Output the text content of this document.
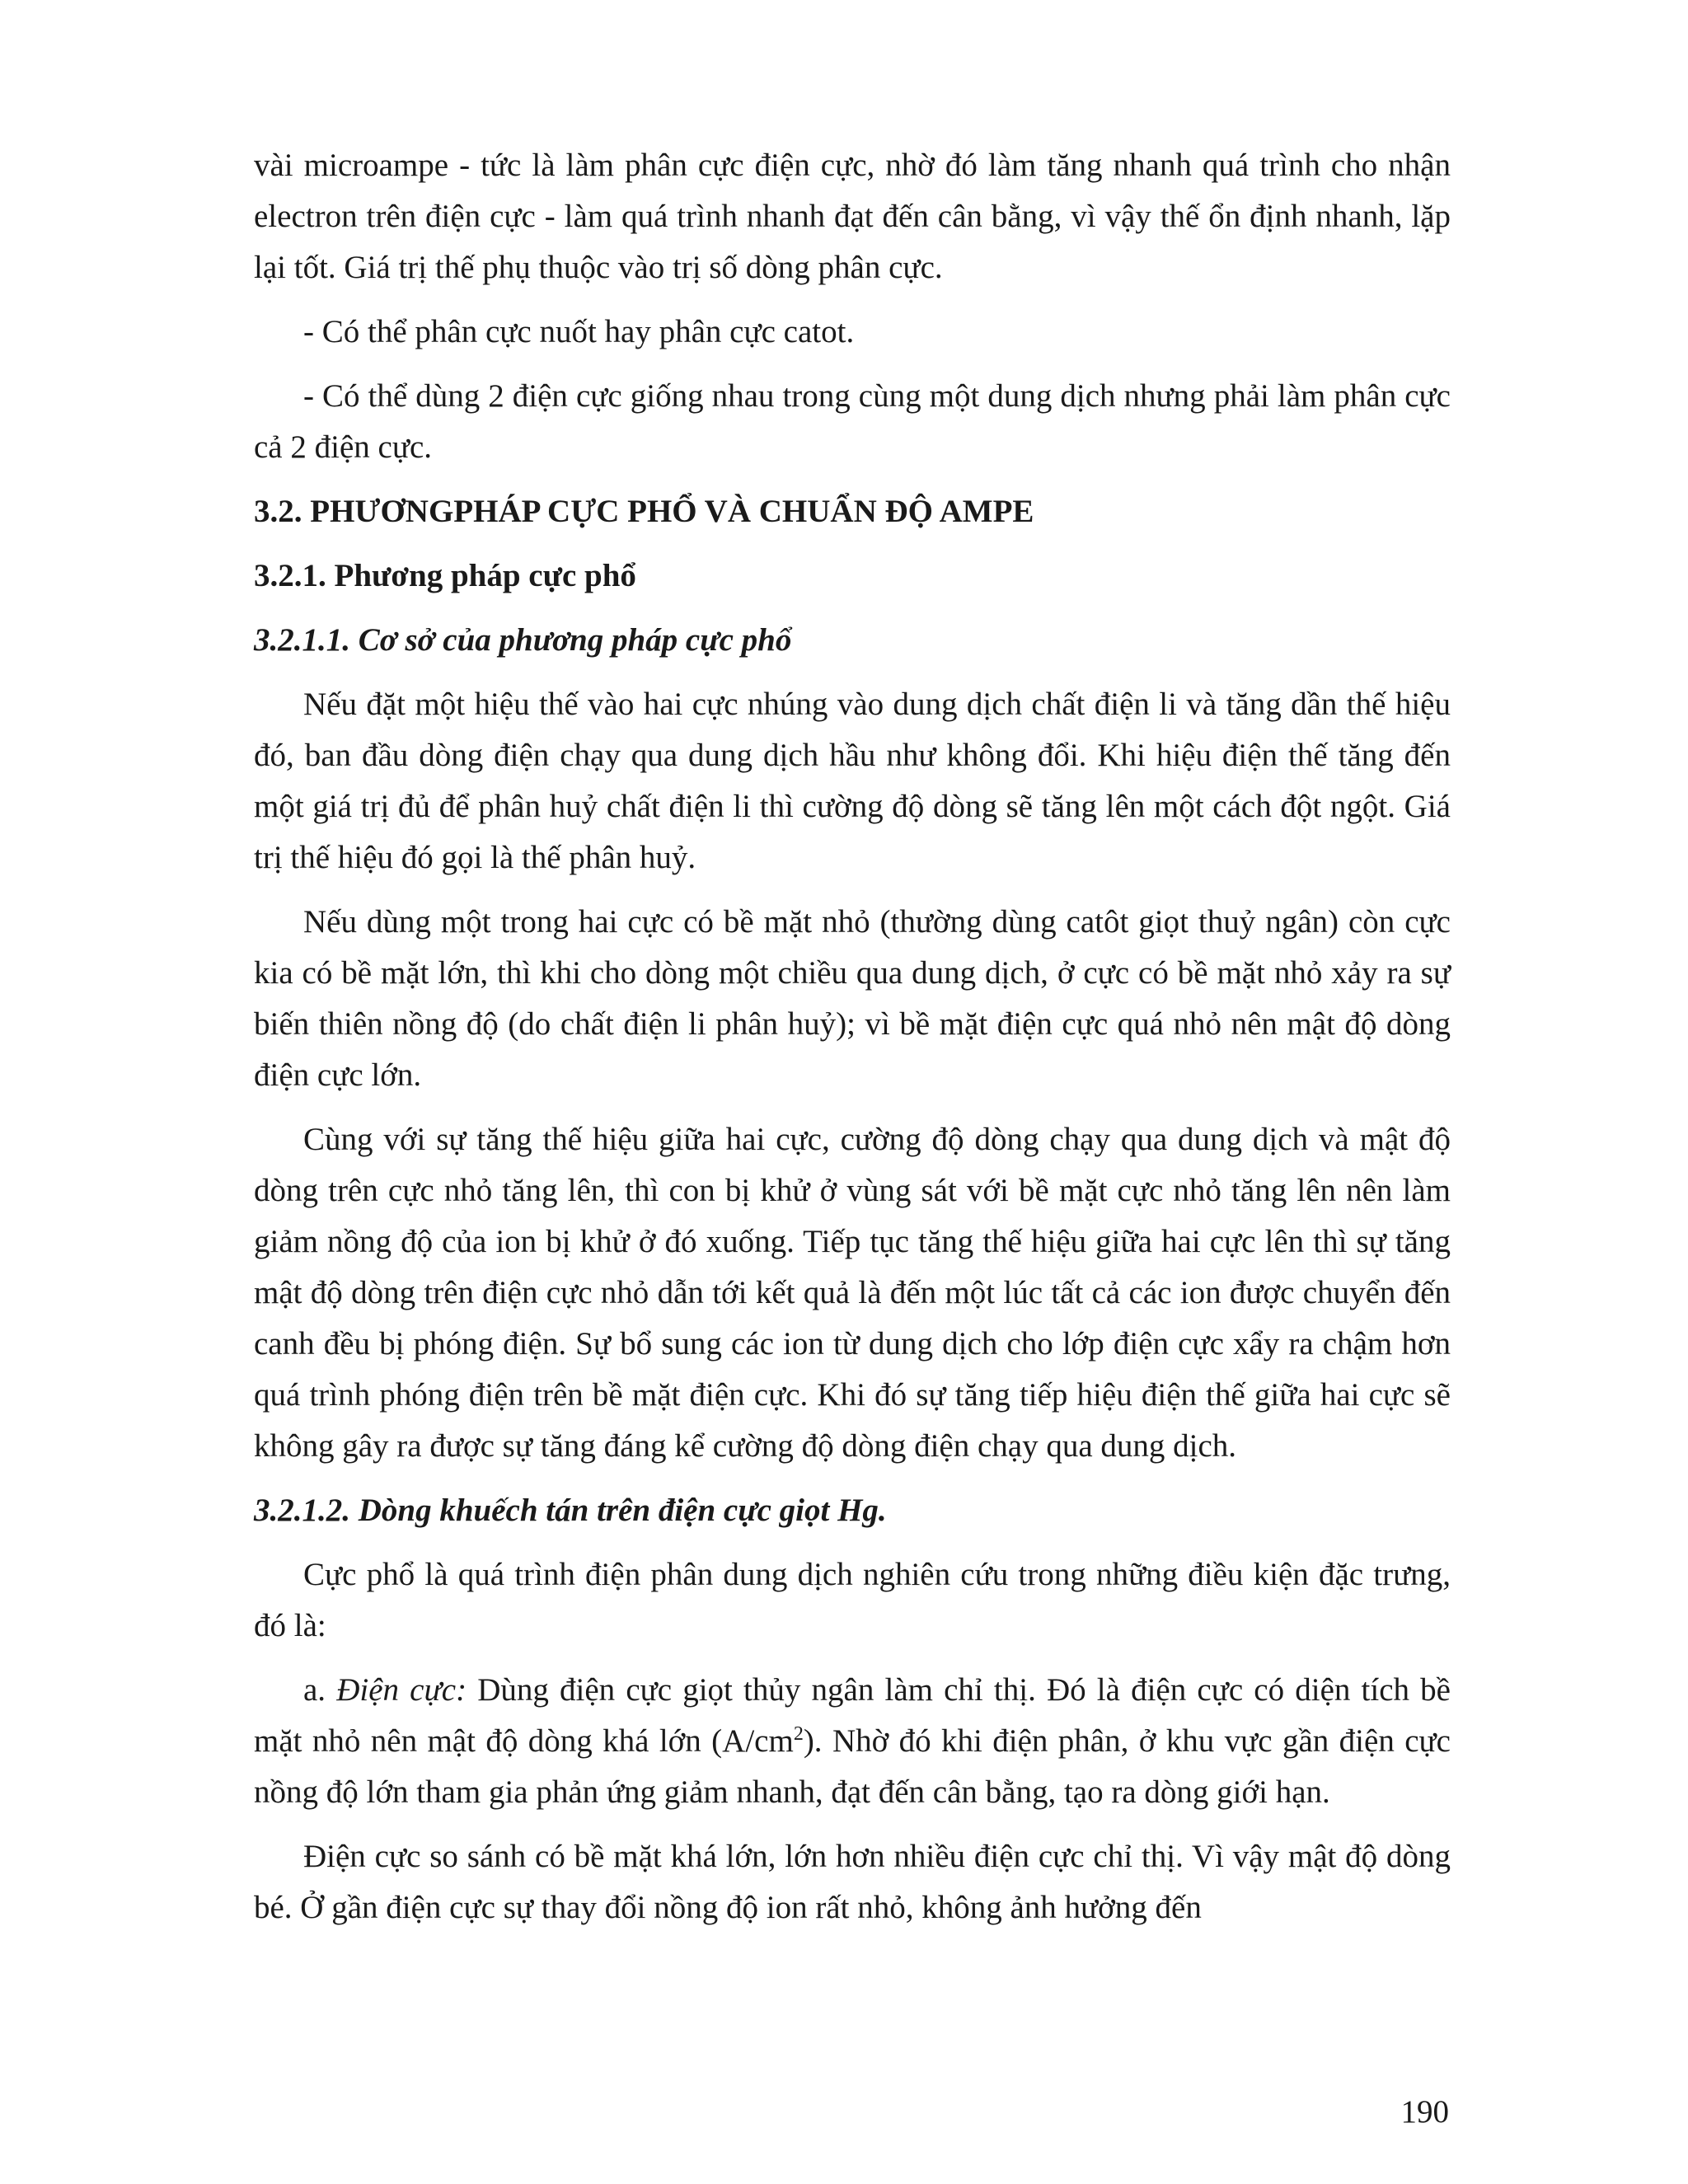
vài microampe - tức là làm phân cực điện cực, nhờ đó làm tăng nhanh quá trình cho nhận electron trên điện cực - làm quá trình nhanh đạt đến cân bằng, vì vậy thế ổn định nhanh, lặp lại tốt. Giá trị thế phụ thuộc vào trị số dòng phân cực.

- Có thể phân cực nuốt hay phân cực catot.

- Có thể dùng 2 điện cực giống nhau trong cùng một dung dịch nhưng phải làm phân cực cả 2 điện cực.

3.2. PHƯƠNGPHÁP CỰC PHỔ VÀ CHUẨN ĐỘ AMPE

3.2.1. Phương pháp cực phổ

3.2.1.1. Cơ sở của phương pháp cực phổ

Nếu đặt một hiệu thế vào hai cực nhúng vào dung dịch chất điện li và tăng dần thế hiệu đó, ban đầu dòng điện chạy qua dung dịch hầu như không đổi. Khi hiệu điện thế tăng đến một giá trị đủ để phân huỷ chất điện li thì cường độ dòng sẽ tăng lên một cách đột ngột. Giá trị thế hiệu đó gọi là thế phân huỷ.

Nếu dùng một trong hai cực có bề mặt nhỏ (thường dùng catôt giọt thuỷ ngân) còn cực kia có bề mặt lớn, thì khi cho dòng một chiều qua dung dịch, ở cực có bề mặt nhỏ xảy ra sự biến thiên nồng độ (do chất điện li phân huỷ); vì bề mặt điện cực quá nhỏ nên mật độ dòng điện cực lớn.

Cùng với sự tăng thế hiệu giữa hai cực, cường độ dòng chạy qua dung dịch và mật độ dòng trên cực nhỏ tăng lên, thì con bị khử ở vùng sát với bề mặt cực nhỏ tăng lên nên làm giảm nồng độ của ion bị khử ở đó xuống. Tiếp tục tăng thế hiệu giữa hai cực lên thì sự tăng mật độ dòng trên điện cực nhỏ dẫn tới kết quả là đến một lúc tất cả các ion được chuyển đến canh đều bị phóng điện. Sự bổ sung các ion từ dung dịch cho lớp điện cực xẩy ra chậm hơn quá trình phóng điện trên bề mặt điện cực. Khi đó sự tăng tiếp hiệu điện thế giữa hai cực sẽ không gây ra được sự tăng đáng kể cường độ dòng điện chạy qua dung dịch.

3.2.1.2. Dòng khuếch tán trên điện cực giọt Hg.

Cực phổ là quá trình điện phân dung dịch nghiên cứu trong những điều kiện đặc trưng, đó là:

a. Điện cực: Dùng điện cực giọt thủy ngân làm chỉ thị. Đó là điện cực có diện tích bề mặt nhỏ nên mật độ dòng khá lớn $(A/cm^2)$. Nhờ đó khi điện phân, ở khu vực gần điện cực nồng độ lớn tham gia phản ứng giảm nhanh, đạt đến cân bằng, tạo ra dòng giới hạn.

Điện cực so sánh có bề mặt khá lớn, lớn hơn nhiều điện cực chỉ thị. Vì vậy mật độ dòng bé. Ở gần điện cực sự thay đổi nồng độ ion rất nhỏ, không ảnh hưởng đến

190
